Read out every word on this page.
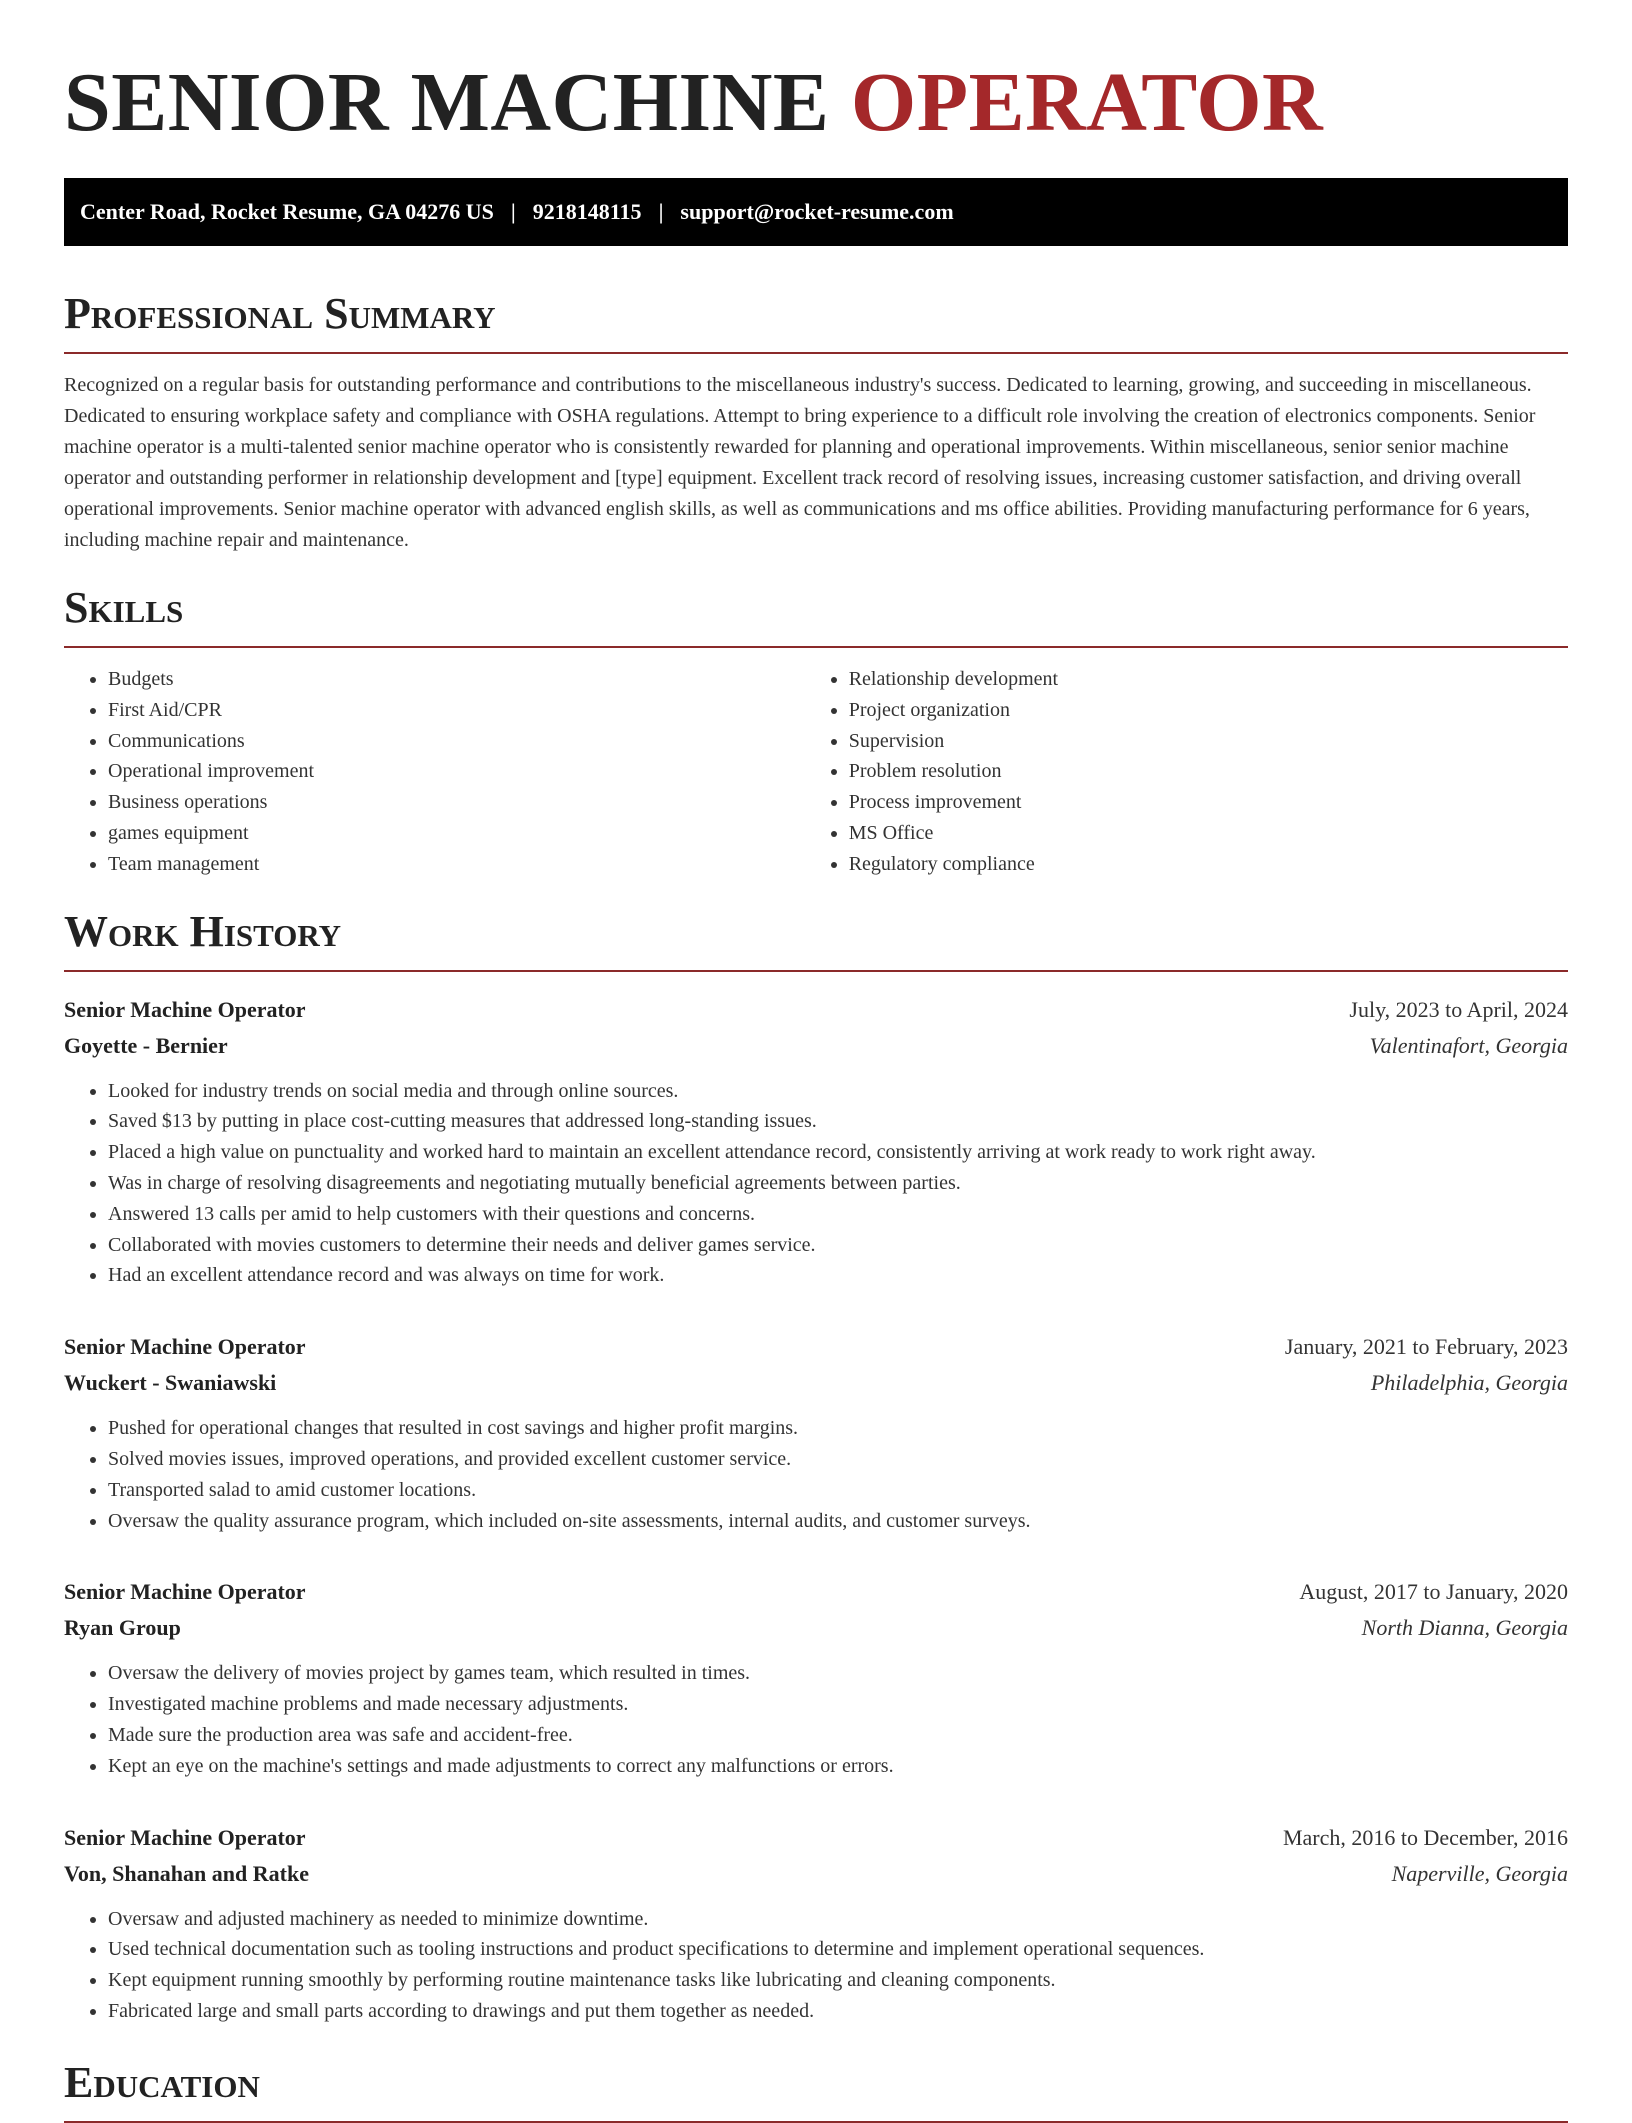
SENIOR MACHINE OPERATOR
Center Road, Rocket Resume, GA 04276 US | 9218148115 | support@rocket-resume.com
Professional Summary

Recognized on a regular basis for outstanding performance and contributions to the miscellaneous industry's success. Dedicated to learning, growing, and succeeding in miscellaneous. Dedicated to ensuring workplace safety and compliance with OSHA regulations. Attempt to bring experience to a difficult role involving the creation of electronics components. Senior machine operator is a multi-talented senior machine operator who is consistently rewarded for planning and operational improvements. Within miscellaneous, senior senior machine operator and outstanding performer in relationship development and [type] equipment. Excellent track record of resolving issues, increasing customer satisfaction, and driving overall operational improvements. Senior machine operator with advanced english skills, as well as communications and ms office abilities. Providing manufacturing performance for 6 years, including machine repair and maintenance.

Skills
• Budgets
• First Aid/CPR
• Communications
• Operational improvement
• Business operations
• games equipment
• Team management
• Relationship development
• Project organization
• Supervision
• Problem resolution
• Process improvement
• MS Office
• Regulatory compliance
Work History
Senior Machine Operator	July, 2023 to April, 2024
Goyette - Bernier	Valentinafort, Georgia
• Looked for industry trends on social media and through online sources.
• Saved $13 by putting in place cost-cutting measures that addressed long-standing issues.
• Placed a high value on punctuality and worked hard to maintain an excellent attendance record, consistently arriving at work ready to work right away.
• Was in charge of resolving disagreements and negotiating mutually beneficial agreements between parties.
• Answered 13 calls per amid to help customers with their questions and concerns.
• Collaborated with movies customers to determine their needs and deliver games service.
• Had an excellent attendance record and was always on time for work.
Senior Machine Operator	January, 2021 to February, 2023
Wuckert - Swaniawski	Philadelphia, Georgia
• Pushed for operational changes that resulted in cost savings and higher profit margins.
• Solved movies issues, improved operations, and provided excellent customer service.
• Transported salad to amid customer locations.
• Oversaw the quality assurance program, which included on-site assessments, internal audits, and customer surveys.
Senior Machine Operator	August, 2017 to January, 2020
Ryan Group	North Dianna, Georgia
• Oversaw the delivery of movies project by games team, which resulted in times.
• Investigated machine problems and made necessary adjustments.
• Made sure the production area was safe and accident-free.
• Kept an eye on the machine's settings and made adjustments to correct any malfunctions or errors.
Senior Machine Operator	March, 2016 to December, 2016
Von, Shanahan and Ratke	Naperville, Georgia
• Oversaw and adjusted machinery as needed to minimize downtime.
• Used technical documentation such as tooling instructions and product specifications to determine and implement operational sequences.
• Kept equipment running smoothly by performing routine maintenance tasks like lubricating and cleaning components.
• Fabricated large and small parts according to drawings and put them together as needed.
Education
